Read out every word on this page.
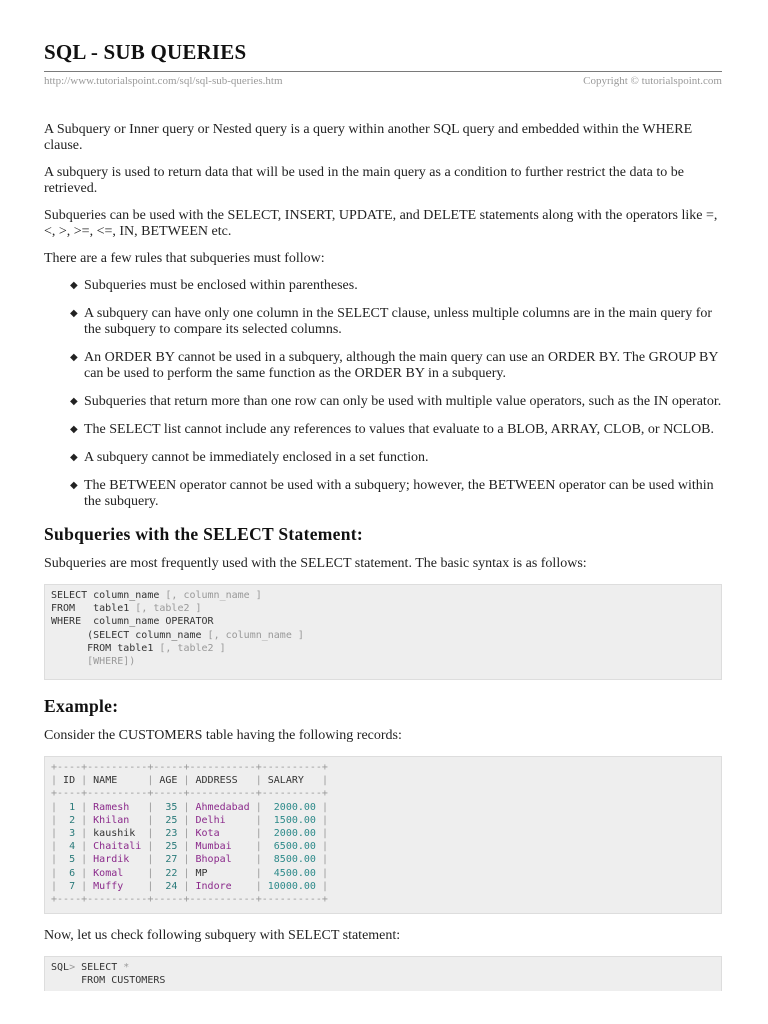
SQL - SUB QUERIES
http://www.tutorialspoint.com/sql/sql-sub-queries.htm	Copyright © tutorialspoint.com

A Subquery or Inner query or Nested query is a query within another SQL query and embedded within the WHERE clause.

A subquery is used to return data that will be used in the main query as a condition to further restrict the data to be retrieved.

Subqueries can be used with the SELECT, INSERT, UPDATE, and DELETE statements along with the operators like =, <, >, >=, <=, IN, BETWEEN etc.

There are a few rules that subqueries must follow:

◆ Subqueries must be enclosed within parentheses.
◆ A subquery can have only one column in the SELECT clause, unless multiple columns are in the main query for the subquery to compare its selected columns.
◆ An ORDER BY cannot be used in a subquery, although the main query can use an ORDER BY. The GROUP BY can be used to perform the same function as the ORDER BY in a subquery.
◆ Subqueries that return more than one row can only be used with multiple value operators, such as the IN operator.
◆ The SELECT list cannot include any references to values that evaluate to a BLOB, ARRAY, CLOB, or NCLOB.
◆ A subquery cannot be immediately enclosed in a set function.
◆ The BETWEEN operator cannot be used with a subquery; however, the BETWEEN operator can be used within the subquery.
Subqueries with the SELECT Statement:

Subqueries are most frequently used with the SELECT statement. The basic syntax is as follows:

SELECT column_name [, column_name ]
FROM   table1 [, table2 ]
WHERE  column_name OPERATOR
(SELECT column_name [, column_name ]
FROM table1 [, table2 ]
[WHERE])
Example:

Consider the CUSTOMERS table having the following records:

+----+----------+-----+-----------+----------+
| ID | NAME     | AGE | ADDRESS   | SALARY   |
+----+----------+-----+-----------+----------+
|  1 | Ramesh   |  35 | Ahmedabad |  2000.00 |
|  2 | Khilan   |  25 | Delhi     |  1500.00 |
|  3 | kaushik  |  23 | Kota      |  2000.00 |
|  4 | Chaitali |  25 | Mumbai    |  6500.00 |
|  5 | Hardik   |  27 | Bhopal    |  8500.00 |
|  6 | Komal    |  22 | MP        |  4500.00 |
|  7 | Muffy    |  24 | Indore    | 10000.00 |
+----+----------+-----+-----------+----------+

Now, let us check following subquery with SELECT statement:

SQL> SELECT *
FROM CUSTOMERS
